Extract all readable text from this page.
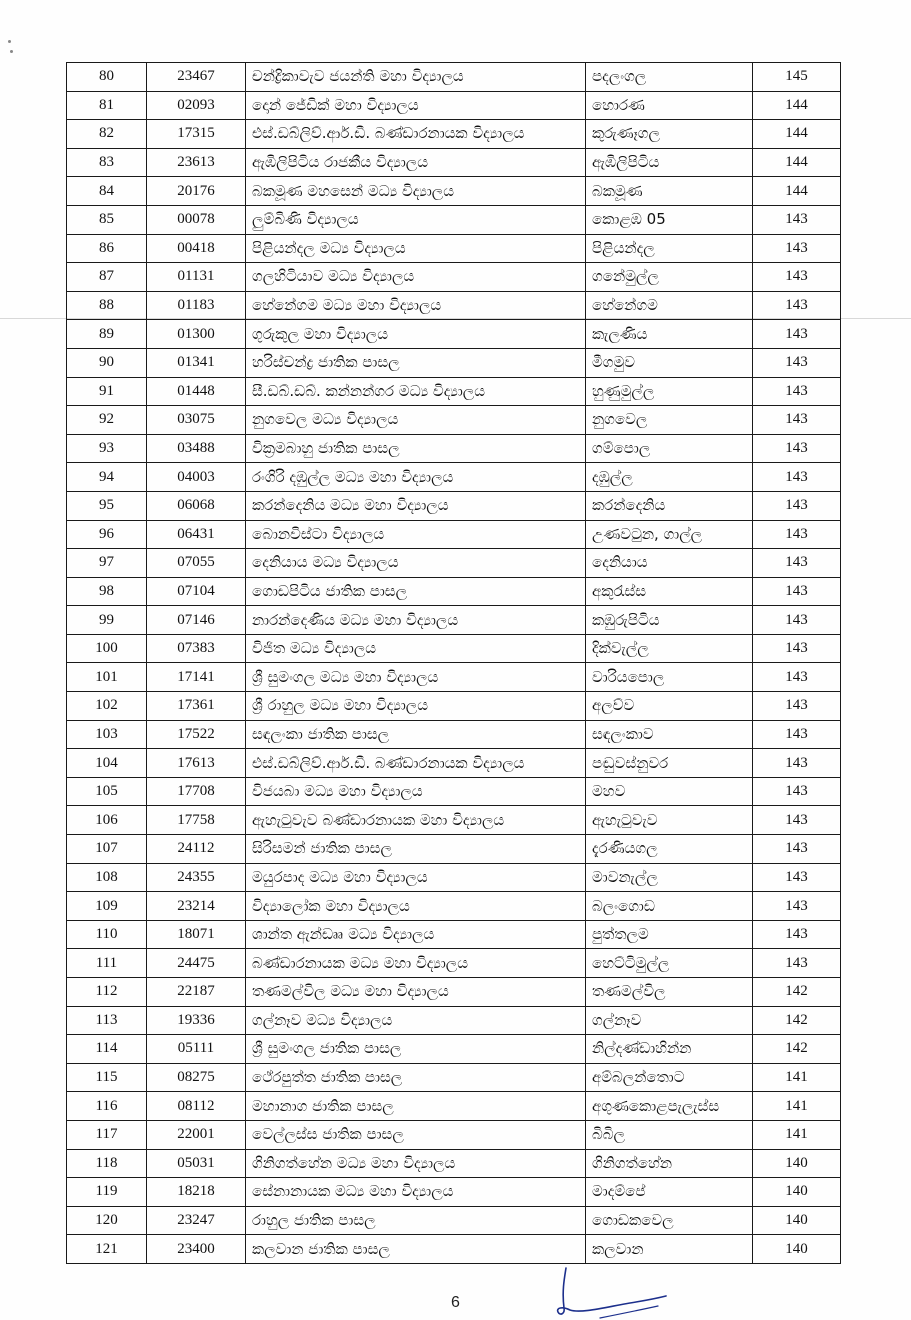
80	23467	චන්ද්‍රිකාවැව ජයන්ති මහා විද්‍යාලය	පදලංගල	145
81	02093	දොන් ජේඩික් මහා විද්‍යාලය	හොරණ	144
82	17315	එස්.ඩබ්ලිව්.ආර්.ඩී. බණ්ඩාරනායක විද්‍යාලය	කුරුණෑගල	144
83	23613	ඇඹිලිපිටිය රාජකීය විද්‍යාලය	ඇඹිලිපිටිය	144
84	20176	බකමූණ මහසෙන් මධ්‍ය විද්‍යාලය	බකමූණ	144
85	00078	ලුම්බිණි විද්‍යාලය	කොළඹ 05	143
86	00418	පිළියන්දල මධ්‍ය විද්‍යාලය	පිළියන්දල	143
87	01131	ගලහිටියාව මධ්‍ය විද්‍යාලය	ගනේමුල්ල	143
88	01183	හේනේගම මධ්‍ය මහා විද්‍යාලය	හේනේගම	143
89	01300	ගුරුකුල මහා විද්‍යාලය	කැලණිය	143
90	01341	හරිස්චන්ද්‍ර ජාතික පාසල	මීගමුව	143
91	01448	සී.ඩබ්.ඩබ්. කන්නන්ගර මධ්‍ය විද්‍යාලය	හුණුමුල්ල	143
92	03075	නුගවෙල මධ්‍ය විද්‍යාලය	නුගවෙල	143
93	03488	වික්‍රමබාහු ජාතික පාසල	ගම්පොල	143
94	04003	රංගිරි දඹුල්ල මධ්‍ය මහා විද්‍යාලය	දඹුල්ල	143
95	06068	කරන්දෙනිය මධ්‍ය මහා විද්‍යාලය	කරන්දෙනිය	143
96	06431	බොනවිස්ටා විද්‍යාලය	උණවටුන, ගාල්ල	143
97	07055	දෙනියාය මධ්‍ය විද්‍යාලය	දෙනියාය	143
98	07104	ගොඩපිටිය ජාතික පාසල	අකුරැස්ස	143
99	07146	නාරන්දෙණිය මධ්‍ය මහා විද්‍යාලය	කඹුරුපිටිය	143
100	07383	විජිත මධ්‍ය විද්‍යාලය	දික්වැල්ල	143
101	17141	ශ්‍රී සුමංගල මධ්‍ය මහා විද්‍යාලය	වාරියපොල	143
102	17361	ශ්‍රී රාහුල මධ්‍ය මහා විද්‍යාලය	අලව්ව	143
103	17522	සඳලංකා ජාතික පාසල	සඳලංකාව	143
104	17613	එස්.ඩබ්ලිව්.ආර්.ඩී. බණ්ඩාරනායක විද්‍යාලය	පඬුවස්නුවර	143
105	17708	විජයබා මධ්‍ය මහා විද්‍යාලය	මහව	143
106	17758	ඇහැටුවැව බණ්ඩාරනායක මහා විද්‍යාලය	ඇහැටුවැව	143
107	24112	සිරිසමන් ජාතික පාසල	දැරණියගල	143
108	24355	මයුරපාද මධ්‍ය මහා විද්‍යාලය	මාවනැල්ල	143
109	23214	විද්‍යාලෝක මහා විද්‍යාලය	බලංගොඩ	143
110	18071	ශාන්ත ඇන්ඩෲ මධ්‍ය විද්‍යාලය	පුත්තලම	143
111	24475	බණ්ඩාරනායක මධ්‍ය මහා විද්‍යාලය	හෙට්ටිමුල්ල	143
112	22187	තණමල්විල මධ්‍ය මහා විද්‍යාලය	තණමල්විල	142
113	19336	ගල්නෑව මධ්‍ය විද්‍යාලය	ගල්නෑව	142
114	05111	ශ්‍රී සුමංගල ජාතික පාසල	නිල්දණ්ඩාහින්න	142
115	08275	ථේරපුත්ත ජාතික පාසල	අම්බලන්තොට	141
116	08112	මහානාග ජාතික පාසල	අගුණකොළපැලැස්ස	141
117	22001	වෙල්ලස්ස ජාතික පාසල	බිබිල	141
118	05031	ගිනිගත්හේන මධ්‍ය මහා විද්‍යාලය	ගිනිගත්හේන	140
119	18218	සේනානායක මධ්‍ය මහා විද්‍යාලය	මාදම්පේ	140
120	23247	රාහුල ජාතික පාසල	ගොඩකවෙල	140
121	23400	කලවාන ජාතික පාසල	කලවාන	140
6
